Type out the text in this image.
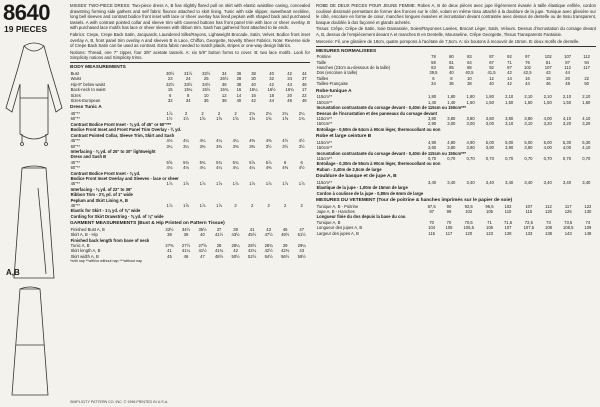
8640
19 PIECES
A,B

MISSES' TWO-PIECE DRESS: Two-piece dress A, B has slightly flared pull on skirt with elastic waistline casing, concealed drawstring forming side gathers and self fabric flounce attached to skirt lining. Tunic with side slipper, sweetheart neckline, long bell sleeves and contrast bodice front inset with lace or sheer overlay has lined peplum with shaped back and purchased tassels. A with contrast pointed collar and sleeve trim with covered buttons has front panel trim with lace or sheer overlay. B with purchased lace motifs has lace or sheer sleeves with ribbon trim. Sash has gathered front attached to tie ends.

Fabrics: Crepe, Crepe Back Satin, Jacquards, Laundered Silks/Rayons, Lightweight Brocade, Satin, Velvet. Bodice front inset overlay A, B, front panel trim overlay A and sleeves B in Lace, Chiffon, Georgette, Novelty Sheer Fabrics. Note: Reverse side of Crepe Back Satin can be used as contrast. Extra fabric needed to match plaids, stripes or one-way design fabrics.

Notions: Thread, one 7" zipper, four 3/8" acetate tassels. A: six 5/8" button forms to cover. B: two lace motifs. Look for Simplicity notions and Simplicity trims.

BODY MEASUREMENTS
Bust	30½	31½	32½	34	36	38	40	42	44
Waist	23	24	25	26½	28	30	32	34	37
Hip-9" below waist	32½	33½	34½	36	38	40	42	44	46
Back-neck to waist	15	15¼	15½	15¾	16	16¼	16½	16¾	17
Sizes	6	8	10	12	14	16	18	20	22
Sizes-European	32	34	36	38	40	42	44	46	48
Dress Tunic A
45"**	1⅞	2	2	2	2	2⅛	2⅛	2¼	2¼
60"**	1½	1½	1⅝	1⅝	1⅝	1⅝	1⅝	1⅝	1¾
Contrast Bodice Front Inset - ⅜ yd. of 45" or 60"***									
Bodice Front Inset and Front Panel Trim Overlay - ¾ yd.									
Contrast Pointed Collar, Sleeve Trim, Skirt and Sash									
45"**	4⅛	4¼	4¼	4¼	4¼	4⅜	4⅜	4½	4½
60"**	3¼	3¼	3⅜	3⅜	3⅜	3⅜	3½	3½	3½
Interfacing - ⅜ yd. of 25" to 30" lightweight									
Dress and Sash B									
45"**	5⅝	5¾	5¾	5¾	5¾	5⅞	5⅞	6	6
60"**	4⅛	4⅛	4¼	4¼	4¼	4¼	4⅜	4⅜	4½
Contrast Bodice Front Inset - ⅜ yd.									
Bodice Front Inset Overlay and Sleeves - lace or sheer									
45"**	1⅞	1⅞	1⅞	1⅞	1⅞	1⅞	1⅞	1⅞	1⅞
Interfacing - ⅜ yd. of 22" to 36"									
Ribbon Trim - 2⅝ yd. of 1" wide									
Peplum and Skirt Lining A, B									
45"**	1⅞	1⅞	1⅞	1⅞	2	2	2	2	2
Elastic for Skirt - 1⅛ yd. of ⅝" wide									
Cording for Skirt Drawstring - ⅝ yd. of ⅛" wide									
GARMENT MEASUREMENTS (Bust & Hip Printed on Pattern Tissue)
Finished Bust A, B	33½	34½	35½	37	39	41	43	45	47
Skirt A, B - Hip	38	39	40	41½	43½	45½	47½	49½	51½
Finished back length from base of neck									
Tunic A, B	27⅜	27½	27⅝	28	28¼	28½	28¾	29	29¼
Skirt length A, B	41	41¼	41½	41¾	42	42¼	42½	42¾	43
Skirt width A, B	45	46	47	48½	50½	52½	54½	56½	58½
*with nap **with/or without nap ***without nap

ROBE DE DEUX PIECES POUR JEUNE FEMME: Robes A, B de deux pièces avec jupe légèrement évasée à taille élastique enfilée, cordon coulissé dissimulé permettant de former des fronces sur le côté, volant en même tissu attaché à la doublure de la jupe. Tunique avec glissière sur le côté, encolure en forme de cœur, manches longues évasées et incrustation devant contrastée avec dessus de dentelle ou de tissu transparent, basque doublée à dos façonné et glands achetés.

Tissus: Crêpe, Crêpe de Satin, Soie Damassée, Soies/Rayonnes Lavées, Brocart Léger, Satin, Velours. Dessus d'incrustation du corsage devant A, B, dessus de l'empiècement devant A et manches B en Dentelle, Mousseline, Crêpe Georgette, Tissus Transparents Fantaisie.

Mercerie: Fil, une glissière de 18cm, quatre pompons à l'acétate de 7,5cm. A: six boutons à recouvrir de 15mm. B: deux motifs de dentelle.

MESURES NORMALISEES
Poitrine	78	80	83	87	92	97	102	107	112
Taille	58	61	64	67	71	76	81	87	94
Hanches (23cm au-dessous de la taille)	83	85	88	92	97	102	107	112	117
Dos (encolure à taille)	39,5	40	40,5	41,5	42	42,5	43	44	
Tailles	6	8	10	12	14	16	18	20	22
Tailles-Française	34	36	38	40	42	44	46	48	50
Robe-tunique A
115cm**	1,80	1,80	1,80	1,80	2,10	2,10	2,10	2,10	2,10
150cm**	1,40	1,40	1,50	1,50	1,50	1,50	1,50	1,50	1,60
Incrustation contrastante du corsage devant - 0,40m de 115cm ou 150cm***									
Dessus de l'incrustation et des panneaux du corsage devant									
115cm**	3,80	3,80	3,80	3,80	3,80	3,80	4,00	4,10	4,10
150cm**	2,90	3,00	3,00	3,00	3,10	3,10	3,20	3,20	3,20
Entoilage - 0,50m de 64cm à 90cm léger, thermocollant ou non									
Robe et large ceinture B
115cm**	4,90	4,90	4,90	5,00	5,00	5,00	5,00	5,30	5,30
150cm**	3,60	3,80	3,90	3,90	3,90	3,90	4,00	4,00	4,10
Incrustation contrastante du corsage devant - 0,40m de 115cm ou 150cm***									
115cm**	0,70	0,70	0,70	0,70	0,70	0,70	0,70	0,70	0,70
Entoilage - 0,30m de 55cm à 90cm léger, thermocollant ou non									
Ruban - 2,40m de 2,5cm de large									
Doublure de basque et de jupe A, B
115cm**	3,40	3,40	3,40	3,40	3,40	3,40	3,40	3,40	3,40
Elastique de la jupe - 1,00m de 15mm de large
Cordon à coulisse de la jupe - 0,80m de 6mm de large
MESURES DU VETEMENT (Tour de poitrine & hanches imprimés sur le papier de soie)
Tunique A, B - Poitrine	87,5	90	92,5	96,5	102	107	112	117	122
Jupe A, B - Hanches	97	99	102	105	110	115	120	125	130
Longueur finie du dos depuis la base du cou									
Tunique A, B	70	70	70,5	71	71,5	72,5	73	73,5	74
Longueur des jupes A, B	104	105	105,5	106	107	107,5	108	108,5	109
Largeur des jupes A, B	115	117	120	123	128	133	138	143	148
SIMPLICITY PATTERN CO. INC. © 1998 PRINTED IN U.S.A.
